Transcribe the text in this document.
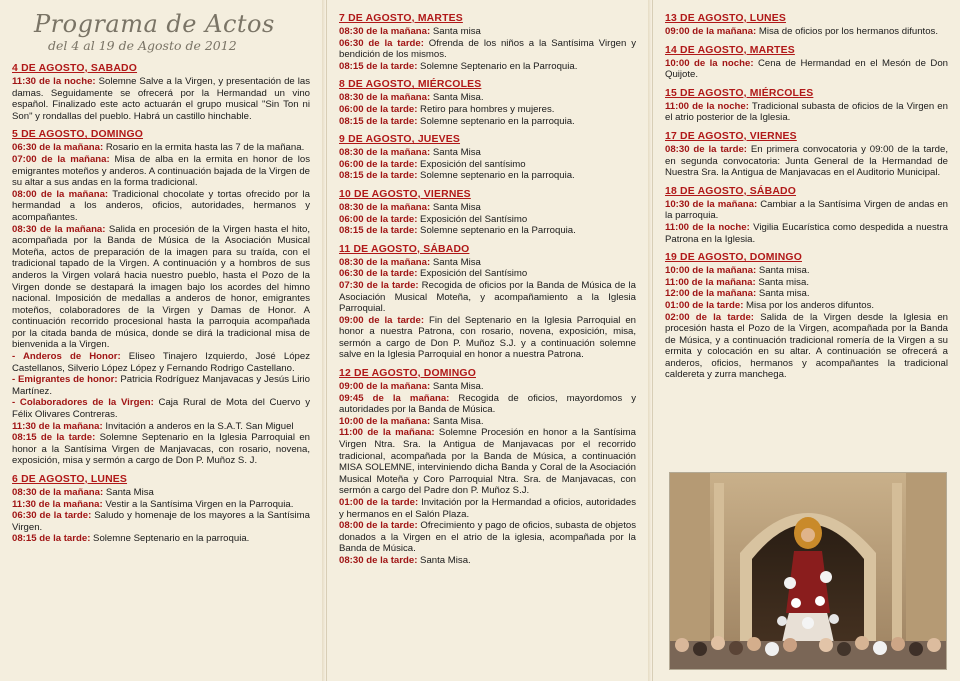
Programa de Actos
del 4 al 19 de Agosto de 2012
4 DE AGOSTO, SABADO

11:30 de la noche: Solemne Salve a la Virgen, y presentación de las damas. Seguidamente se ofrecerá por la Hermandad un vino español. Finalizado este acto actuarán el grupo musical "Sin Ton ni Son" y rondallas del pueblo. Habrá un castillo hinchable.

5 DE AGOSTO, DOMINGO

06:30 de la mañana: Rosario en la ermita hasta las 7 de la mañana.

07:00 de la mañana: Misa de alba en la ermita en honor de los emigrantes moteños y anderos. A continuación bajada de la Virgen de su altar a sus andas en la forma tradicional.

08:00 de la mañana: Tradicional chocolate y tortas ofrecido por la hermandad a los anderos, oficios, autoridades, hermanos y acompañantes.

08:30 de la mañana: Salida en procesión de la Virgen hasta el hito, acompañada por la Banda de Música de la Asociación Musical Moteña, actos de preparación de la imagen para su traída, con el tradicional tapado de la Virgen. A continuación y a hombros de sus anderos la Virgen volará hacia nuestro pueblo, hasta el Pozo de la Virgen donde se destapará la imagen bajo los acordes del himno nacional. Imposición de medallas a anderos de honor, emigrantes moteños, colaboradores de la Virgen y Damas de Honor. A continuación recorrido procesional hasta la parroquia acompañada por la citada banda de música, donde se dirá la tradicional misa de bienvenida a la Virgen.

- Anderos de Honor: Eliseo Tinajero Izquierdo, José López Castellanos, Silverio López López y Fernando Rodrigo Castellano.

- Emigrantes de honor: Patricia Rodríguez Manjavacas y Jesús Lirio Martínez.

- Colaboradores de la Virgen: Caja Rural de Mota del Cuervo y Félix Olivares Contreras.

11:30 de la mañana: Invitación a anderos en la S.A.T. San Miguel

08:15 de la tarde: Solemne Septenario en la Iglesia Parroquial en honor a la Santísima Virgen de Manjavacas, con rosario, novena, exposición, misa y sermón a cargo de Don P. Muñoz S. J.

6 DE AGOSTO, LUNES

08:30 de la mañana: Santa Misa

11:30 de la mañana: Vestir a la Santísima Virgen en la Parroquia.

06:30 de la tarde: Saludo y homenaje de los mayores a la Santísima Virgen.

08:15 de la tarde: Solemne Septenario en la parroquia.

7 DE AGOSTO, MARTES

08:30 de la mañana: Santa misa

06:30 de la tarde: Ofrenda de los niños a la Santísima Virgen y bendición de los mismos.

08:15 de la tarde: Solemne Septenario en la Parroquia.

8 DE AGOSTO, MIÉRCOLES

08:30 de la mañana: Santa Misa.

06:00 de la tarde: Retiro para hombres y mujeres.

08:15 de la tarde: Solemne septenario en la parroquia.

9 DE AGOSTO, JUEVES

08:30 de la mañana: Santa Misa

06:00 de la tarde: Exposición del santísimo

08:15 de la tarde: Solemne septenario en la parroquia.

10 DE AGOSTO, VIERNES

08:30 de la mañana: Santa Misa

06:00 de la tarde: Exposición del Santísimo

08:15 de la tarde: Solemne septenario en la Parroquia.

11 DE AGOSTO, SÁBADO

08:30 de la mañana: Santa Misa

06:30 de la tarde: Exposición del Santísimo

07:30 de la tarde: Recogida de oficios por la Banda de Música de la Asociación Musical Moteña, y acompañamiento a la Iglesia Parroquial.

09:00 de la tarde: Fin del Septenario en la Iglesia Parroquial en honor a nuestra Patrona, con rosario, novena, exposición, misa, sermón a cargo de Don P. Muñoz S.J. y a continuación solemne salve en la Iglesia Parroquial en honor a nuestra Patrona.

12 DE AGOSTO, DOMINGO

09:00 de la mañana: Santa Misa.

09:45 de la mañana: Recogida de oficios, mayordomos y autoridades por la Banda de Música.

10:00 de la mañana: Santa Misa.

11:00 de la mañana: Solemne Procesión en honor a la Santísima Virgen Ntra. Sra. la Antigua de Manjavacas por el recorrido tradicional, acompañada por la Banda de Música, a continuación MISA SOLEMNE, interviniendo dicha Banda y Coral de la Asociación Musical Moteña y Coro Parroquial Ntra. Sra. de Manjavacas, con sermón a cargo del Padre don P. Muñoz S.J.

01:00 de la tarde: Invitación por la Hermandad a oficios, autoridades y hermanos en el Salón Plaza.

08:00 de la tarde: Ofrecimiento y pago de oficios, subasta de objetos donados a la Virgen en el atrio de la iglesia, acompañada por la Banda de Música.

08:30 de la tarde: Santa Misa.

13 DE AGOSTO, LUNES

09:00 de la mañana: Misa de oficios por los hermanos difuntos.

14 DE AGOSTO, MARTES

10:00 de la noche: Cena de Hermandad en el Mesón de Don Quijote.

15 DE AGOSTO, MIÉRCOLES

11:00 de la noche: Tradicional subasta de oficios de la Virgen en el atrio posterior de la Iglesia.

17 DE AGOSTO, VIERNES

08:30 de la tarde: En primera convocatoria y 09:00 de la tarde, en segunda convocatoria: Junta General de la Hermandad de Nuestra Sra. la Antigua de Manjavacas en el Auditorio Municipal.

18 DE AGOSTO, SÁBADO

10:30 de la mañana: Cambiar a la Santísima Virgen de andas en la parroquia.

11:00 de la noche: Vigilia Eucarística como despedida a nuestra Patrona en la Iglesia.

19 DE AGOSTO, DOMINGO

10:00 de la mañana: Santa misa.

11:00 de la mañana: Santa misa.

12:00 de la mañana: Santa misa.

01:00 de la tarde: Misa por los anderos difuntos.

02:00 de la tarde: Salida de la Virgen desde la Iglesia en procesión hasta el Pozo de la Virgen, acompañada por la Banda de Música, y a continuación tradicional romería de la Virgen a su ermita y colocación en su altar. A continuación se ofrecerá a anderos, oficios, hermanos y acompañantes la tradicional caldereta y zurra manchega.
